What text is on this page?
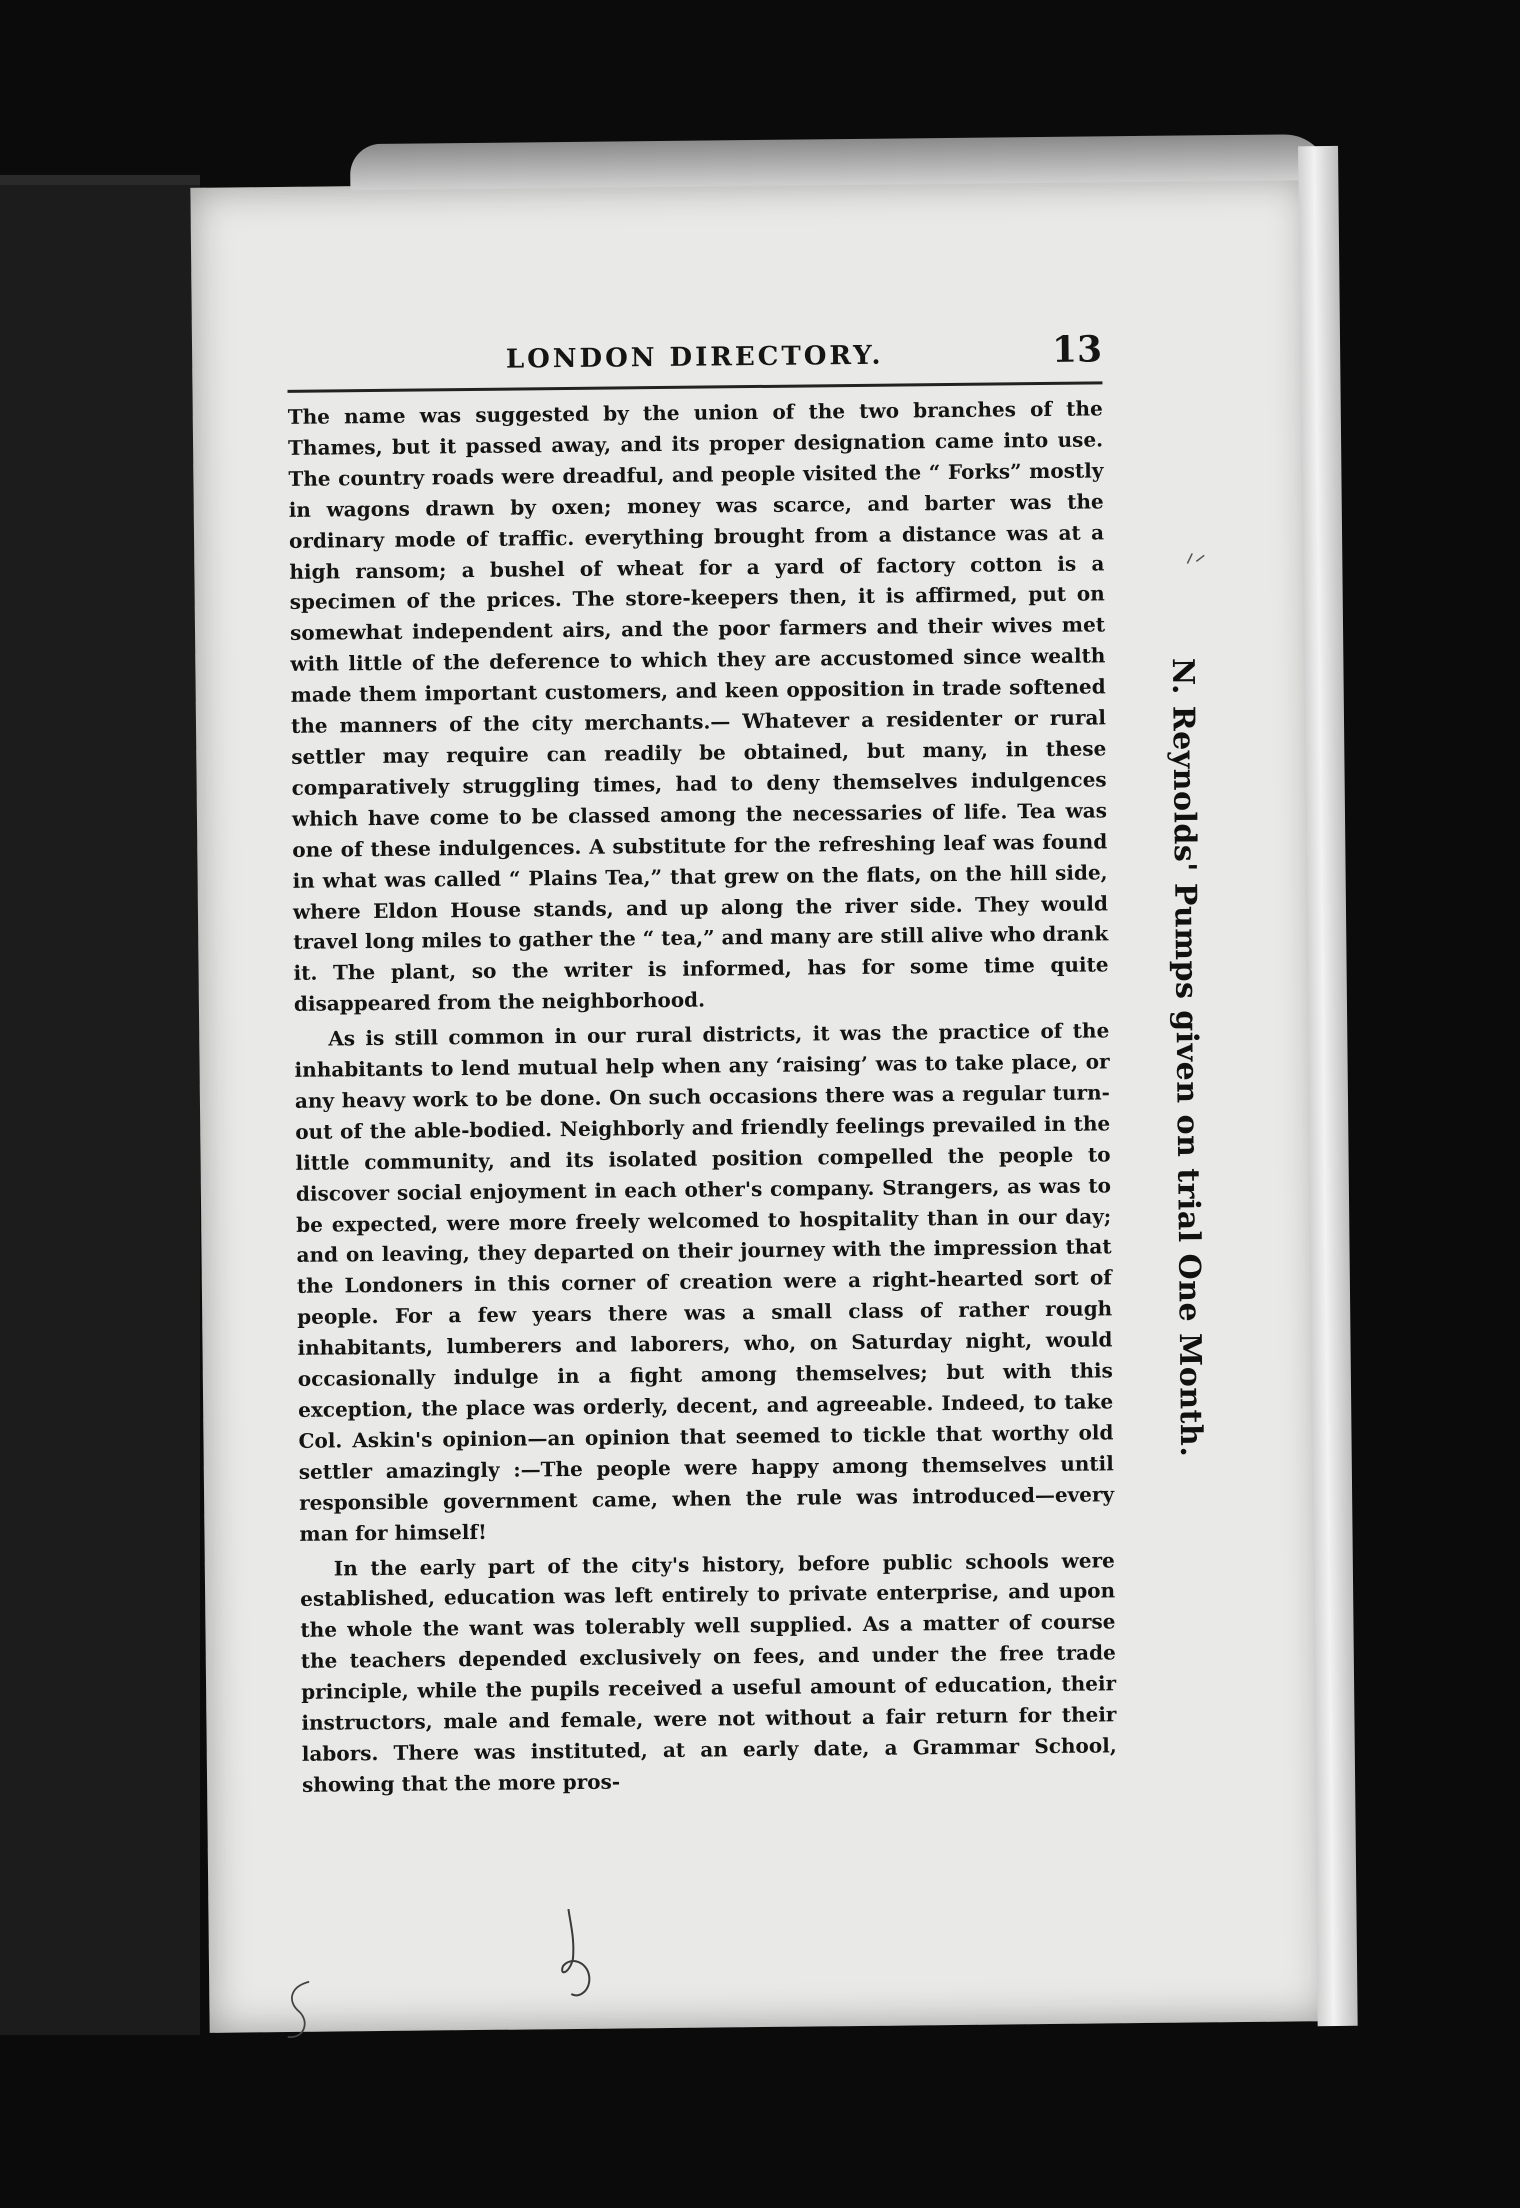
LONDON DIRECTORY.	13

The name was suggested by the union of the two branches of the Thames, but it passed away, and its proper designation came into use. The country roads were dreadful, and people visited the “ Forks” mostly in wagons drawn by oxen; money was scarce, and barter was the ordinary mode of traffic. everything brought from a distance was at a high ransom; a bushel of wheat for a yard of factory cotton is a specimen of the prices. The store-keepers then, it is affirmed, put on somewhat independent airs, and the poor farmers and their wives met with little of the deference to which they are accustomed since wealth made them important customers, and keen opposition in trade softened the manners of the city merchants.— Whatever a residenter or rural settler may require can readily be obtained, but many, in these comparatively struggling times, had to deny themselves indulgences which have come to be classed among the necessaries of life. Tea was one of these indulgences. A substitute for the refreshing leaf was found in what was called “ Plains Tea,” that grew on the flats, on the hill side, where Eldon House stands, and up along the river side. They would travel long miles to gather the “ tea,” and many are still alive who drank it. The plant, so the writer is informed, has for some time quite disappeared from the neighborhood.

As is still common in our rural districts, it was the practice of the inhabitants to lend mutual help when any ‘raising’ was to take place, or any heavy work to be done. On such occasions there was a regular turn-out of the able-bodied. Neighborly and friendly feelings prevailed in the little community, and its isolated position compelled the people to discover social enjoyment in each other's company. Strangers, as was to be expected, were more freely welcomed to hospitality than in our day; and on leaving, they departed on their journey with the impression that the Londoners in this corner of creation were a right-hearted sort of people. For a few years there was a small class of rather rough inhabitants, lumberers and laborers, who, on Saturday night, would occasionally indulge in a fight among themselves; but with this exception, the place was orderly, decent, and agreeable. Indeed, to take Col. Askin's opinion—an opinion that seemed to tickle that worthy old settler amazingly :—The people were happy among themselves until responsible government came, when the rule was introduced—every man for himself!

In the early part of the city's history, before public schools were established, education was left entirely to private enterprise, and upon the whole the want was tolerably well supplied. As a matter of course the teachers depended exclusively on fees, and under the free trade principle, while the pupils received a useful amount of education, their instructors, male and female, were not without a fair return for their labors. There was instituted, at an early date, a Grammar School, showing that the more pros-

N. Reynolds' Pumps given on trial One Month.
